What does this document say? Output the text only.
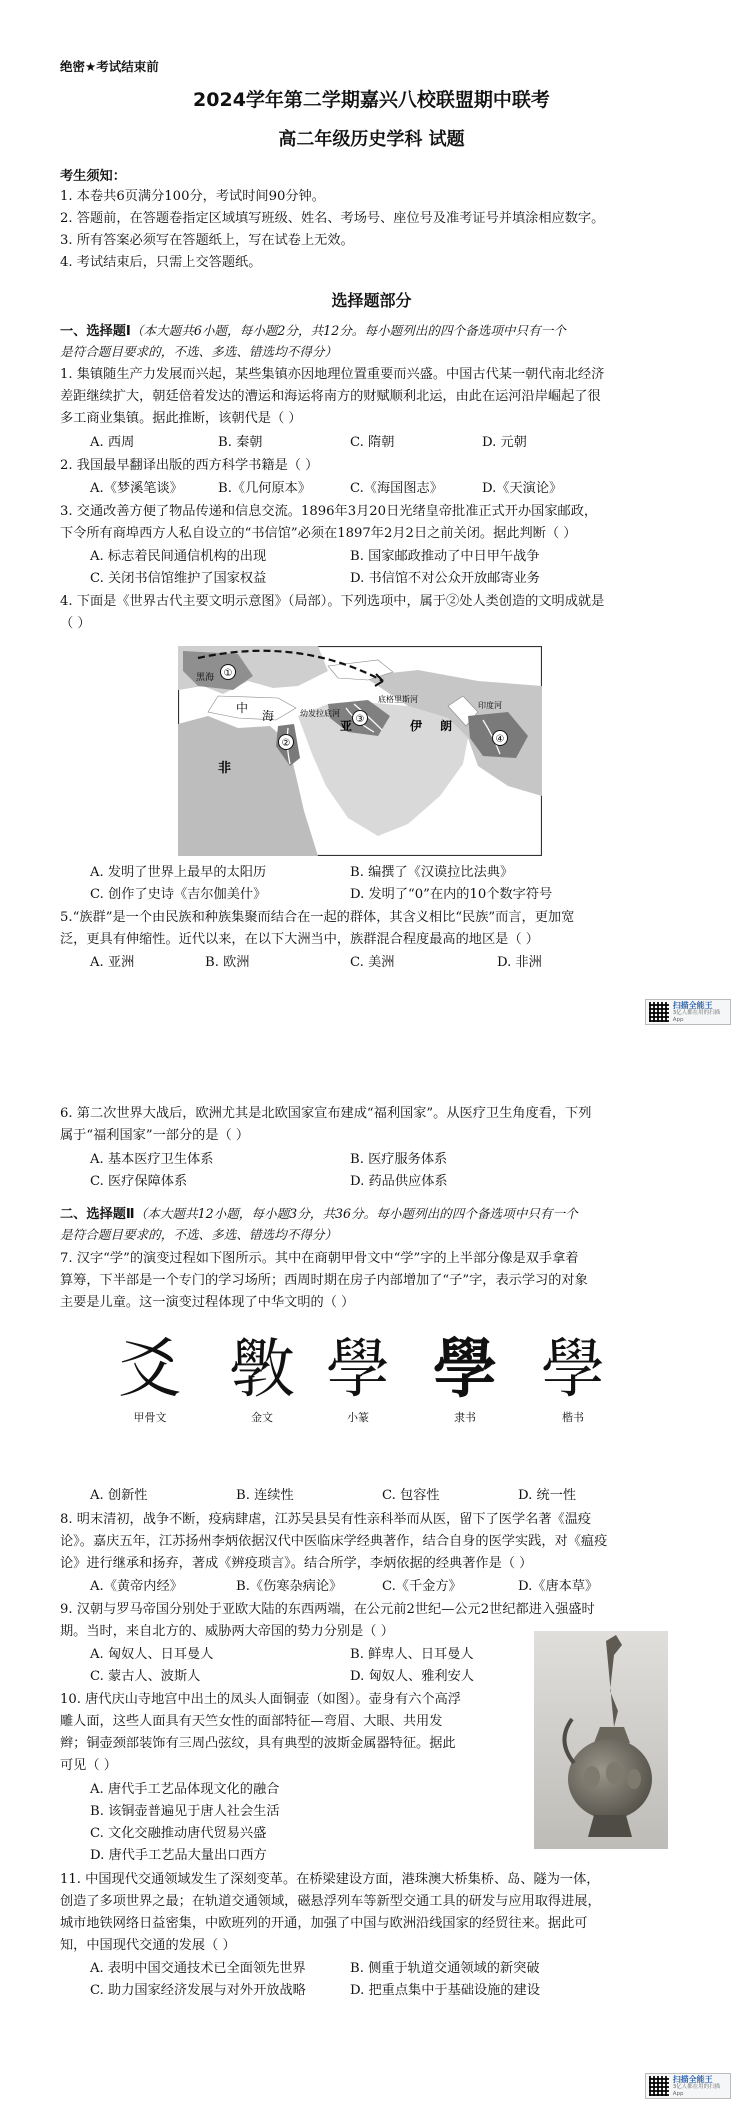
绝密★考试结束前
2024学年第二学期嘉兴八校联盟期中联考
高二年级历史学科 试题
考生须知：
1. 本卷共6页满分100分，考试时间90分钟。
2. 答题前，在答题卷指定区域填写班级、姓名、考场号、座位号及准考证号并填涂相应数字。
3. 所有答案必须写在答题纸上，写在试卷上无效。
4. 考试结束后，只需上交答题纸。
选择题部分
一、选择题Ⅰ（本大题共6小题，每小题2分，共12分。每小题列出的四个备选项中只有一个
是符合题目要求的，不选、多选、错选均不得分）
1. 集镇随生产力发展而兴起，某些集镇亦因地理位置重要而兴盛。中国古代某一朝代南北经济
差距继续扩大，朝廷倍着发达的漕运和海运将南方的财赋顺利北运，由此在运河沿岸崛起了很
多工商业集镇。据此推断，该朝代是（ ）
A. 西周	B. 秦朝	C. 隋朝	D. 元朝
2. 我国最早翻译出版的西方科学书籍是（ ）
A.《梦溪笔谈》	B.《几何原本》	C.《海国图志》	D.《天演论》
3. 交通改善方便了物品传递和信息交流。1896年3月20日光绪皇帝批准正式开办国家邮政，
下令所有商埠西方人私自设立的“书信馆”必须在1897年2月2日之前关闭。据此判断（ ）
A. 标志着民间通信机构的出现	B. 国家邮政推动了中日甲午战争
C. 关闭书信馆维护了国家权益	D. 书信馆不对公众开放邮寄业务
4. 下面是《世界古代主要文明示意图》（局部）。下列选项中，属于②处人类创造的文明成就是
（ ）
①
②
③
④
黑海
中
海	幼发拉底河
底格里斯河
亚	伊 朗
非
印度河
A. 发明了世界上最早的太阳历	B. 编撰了《汉谟拉比法典》
C. 创作了史诗《吉尔伽美什》	D. 发明了“0”在内的10个数字符号
5.“族群”是一个由民族和种族集聚而结合在一起的群体，其含义相比“民族”而言，更加宽
泛，更具有伸缩性。近代以来，在以下大洲当中，族群混合程度最高的地区是（ ）
A. 亚洲	B. 欧洲	C. 美洲	D. 非洲
扫描全能王
3亿人都在用的扫描App
6. 第二次世界大战后，欧洲尤其是北欧国家宣布建成“福利国家”。从医疗卫生角度看，下列
属于“福利国家”一部分的是（ ）
A. 基本医疗卫生体系	B. 医疗服务体系
C. 医疗保障体系	D. 药品供应体系
二、选择题Ⅱ（本大题共12小题，每小题3分，共36分。每小题列出的四个备选项中只有一个
是符合题目要求的，不选、多选、错选均不得分）
7. 汉字“学”的演变过程如下图所示。其中在商朝甲骨文中“学”字的上半部分像是双手拿着
算筹，下半部是一个专门的学习场所；西周时期在房子内部增加了“子”字，表示学习的对象
主要是儿童。这一演变过程体现了中华文明的（ ）
爻
甲骨文
斆
金文
學
小篆
學
隶书
學
楷书
A. 创新性	B. 连续性	C. 包容性	D. 统一性
8. 明末清初，战争不断，疫病肆虐，江苏吴县吴有性亲科举而从医，留下了医学名著《温疫
论》。嘉庆五年，江苏扬州李炳依据汉代中医临床学经典著作，结合自身的医学实践，对《瘟疫
论》进行继承和扬弃，著成《辨疫琐言》。结合所学，李炳依据的经典著作是（ ）
A.《黄帝内经》	B.《伤寒杂病论》	C.《千金方》	D.《唐本草》
9. 汉朝与罗马帝国分别处于亚欧大陆的东西两端，在公元前2世纪—公元2世纪都进入强盛时
期。当时，来自北方的、威胁两大帝国的势力分别是（ ）
A. 匈奴人、日耳曼人	B. 鲜卑人、日耳曼人
C. 蒙古人、波斯人	D. 匈奴人、雅利安人
10. 唐代庆山寺地宫中出土的凤头人面铜壶（如图）。壶身有六个高浮
雕人面，这些人面具有天竺女性的面部特征—弯眉、大眼、共用发
辫；铜壶颈部装饰有三周凸弦纹，具有典型的波斯金属器特征。据此
可见（ ）
A. 唐代手工艺品体现文化的融合
B. 该铜壶普遍见于唐人社会生活
C. 文化交融推动唐代贸易兴盛
D. 唐代手工艺品大量出口西方
11. 中国现代交通领域发生了深刻变革。在桥梁建设方面，港珠澳大桥集桥、岛、隧为一体，
创造了多项世界之最；在轨道交通领域，磁悬浮列车等新型交通工具的研发与应用取得进展，
城市地铁网络日益密集，中欧班列的开通，加强了中国与欧洲沿线国家的经贸往来。据此可
知，中国现代交通的发展（ ）
A. 表明中国交通技术已全面领先世界	B. 侧重于轨道交通领域的新突破
C. 助力国家经济发展与对外开放战略	D. 把重点集中于基础设施的建设
扫描全能王
3亿人都在用的扫描App
